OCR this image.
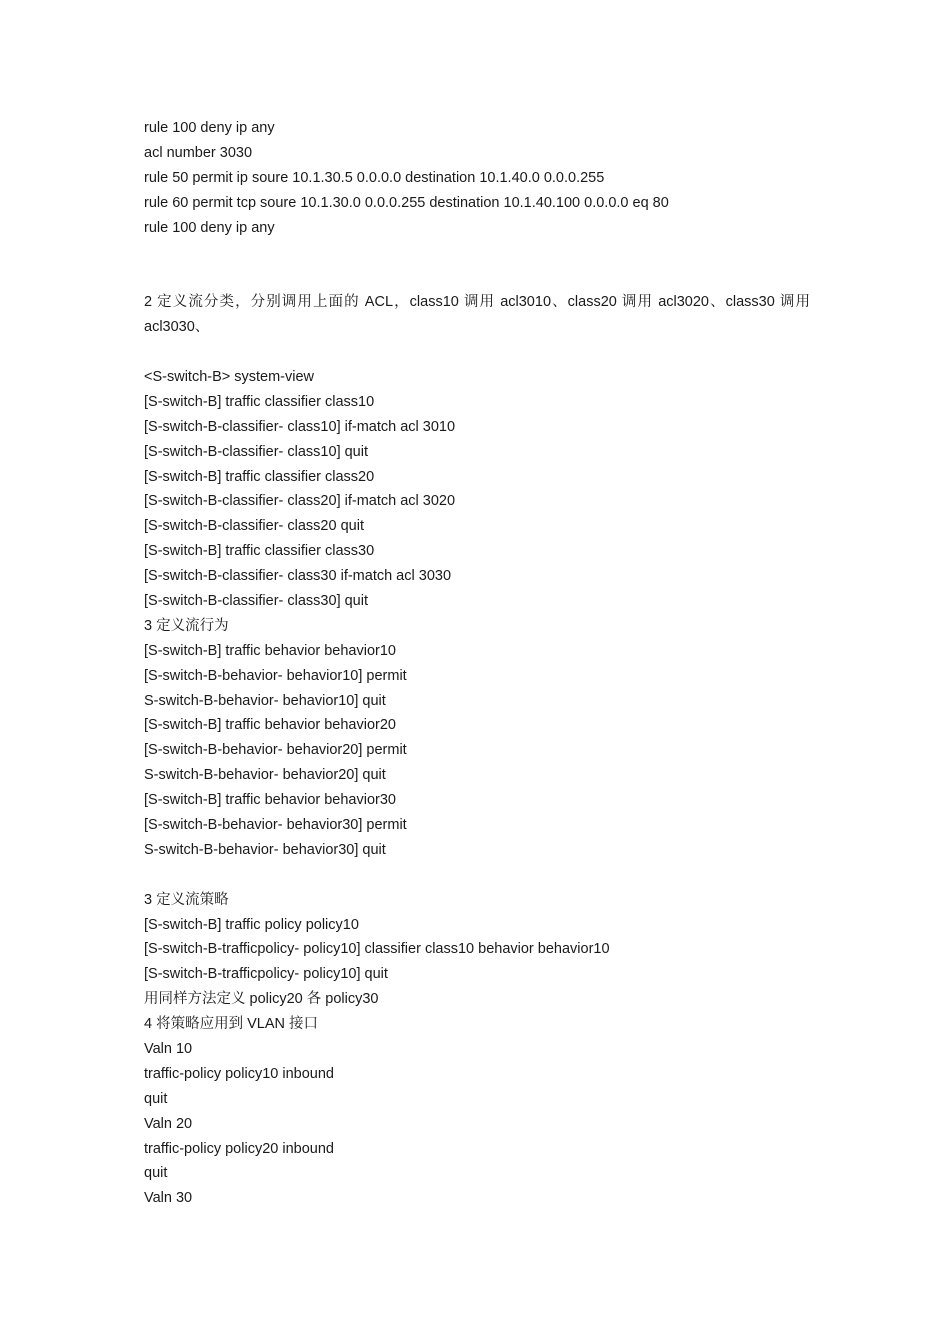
rule 100 deny ip any
acl number 3030
rule 50 permit ip soure 10.1.30.5 0.0.0.0 destination 10.1.40.0 0.0.0.255
rule 60 permit tcp soure 10.1.30.0 0.0.0.255 destination 10.1.40.100 0.0.0.0 eq 80
rule 100 deny ip any
2 定义流分类，分别调用上面的 ACL，class10 调用 acl3010、class20 调用 acl3020、class30 调用 acl3030、
<S-switch-B> system-view
[S-switch-B] traffic classifier class10
[S-switch-B-classifier- class10] if-match acl 3010
[S-switch-B-classifier- class10] quit
[S-switch-B] traffic classifier class20
[S-switch-B-classifier- class20] if-match acl 3020
[S-switch-B-classifier- class20 quit
[S-switch-B] traffic classifier class30
[S-switch-B-classifier- class30 if-match acl 3030
[S-switch-B-classifier- class30] quit
3 定义流行为
[S-switch-B] traffic behavior behavior10
[S-switch-B-behavior- behavior10] permit
S-switch-B-behavior- behavior10] quit
[S-switch-B] traffic behavior behavior20
[S-switch-B-behavior- behavior20] permit
S-switch-B-behavior- behavior20] quit
[S-switch-B] traffic behavior behavior30
[S-switch-B-behavior- behavior30] permit
S-switch-B-behavior- behavior30] quit
3 定义流策略
[S-switch-B] traffic policy policy10
[S-switch-B-trafficpolicy- policy10] classifier class10 behavior behavior10
[S-switch-B-trafficpolicy- policy10] quit
用同样方法定义 policy20 各 policy30
4 将策略应用到 VLAN 接口
Valn 10
traffic-policy policy10 inbound
quit
Valn 20
traffic-policy policy20 inbound
quit
Valn 30
